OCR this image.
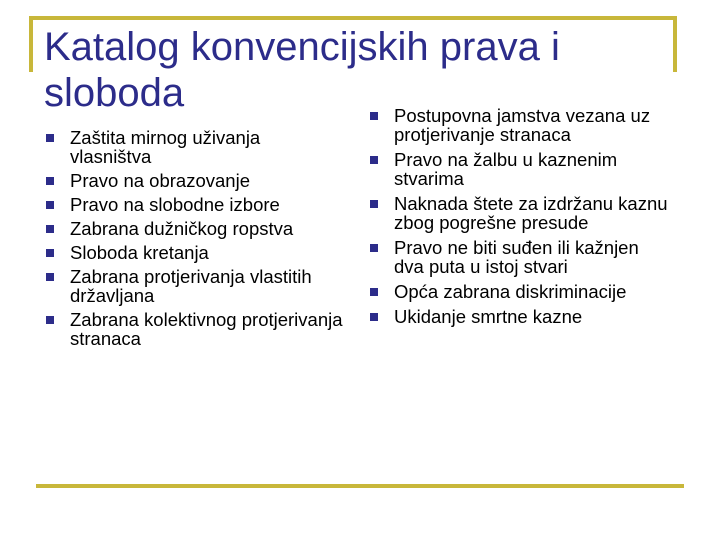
Katalog konvencijskih prava i sloboda
Zaštita mirnog uživanja vlasništva
Pravo na obrazovanje
Pravo na slobodne izbore
Zabrana dužničkog ropstva
Sloboda kretanja
Zabrana protjerivanja vlastitih državljana
Zabrana kolektivnog protjerivanja stranaca
Postupovna jamstva vezana uz protjerivanje stranaca
Pravo na žalbu u kaznenim stvarima
Naknada štete za izdržanu kaznu zbog pogrešne presude
Pravo ne biti suđen ili kažnjen dva puta u istoj stvari
Opća zabrana diskriminacije
Ukidanje smrtne kazne
